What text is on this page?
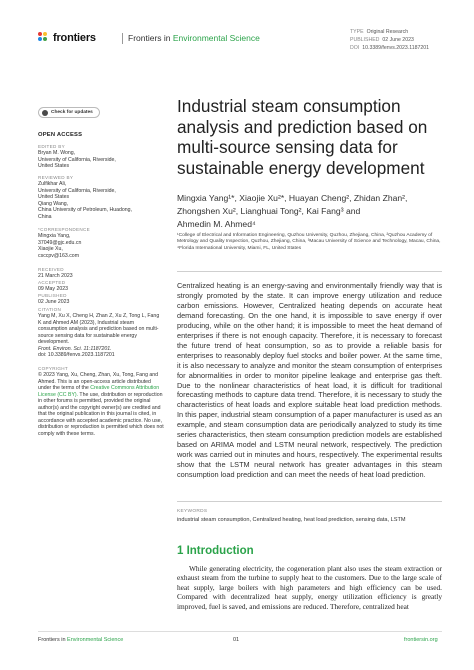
frontiers	Frontiers in Environmental Science
TYPE Original Research
PUBLISHED 02 June 2023
DOI 10.3389/fenvs.2023.1187201
Check for updates
OPEN ACCESS
EDITED BY
Bryan M. Wong,
University of California, Riverside,
United States
REVIEWED BY
Zulfikhar Ali,
University of California, Riverside,
United States
Qiang Wang,
China University of Petroleum, Huadong,
China
*CORRESPONDENCE
Mingxia Yang,
37049@gjc.edu.cn
Xiaojie Xu,
csccpv@163.com
RECEIVED
21 March 2023
ACCEPTED
09 May 2023
PUBLISHED
02 June 2023
CITATION
Yang M, Xu X, Cheng H, Zhan Z, Xu Z, Tong L, Fang K and Ahmed AM (2023), Industrial steam consumption analysis and prediction based on multi-source sensing data for sustainable energy development.
Front. Environ. Sci. 11:1187201.
doi: 10.3389/fenvs.2023.1187201
COPYRIGHT
© 2023 Yang, Xu, Cheng, Zhan, Xu, Tong, Fang and Ahmed. This is an open-access article distributed under the terms of the Creative Commons Attribution License (CC BY). The use, distribution or reproduction in other forums is permitted, provided the original author(s) and the copyright owner(s) are credited and that the original publication in this journal is cited, in accordance with accepted academic practice. No use, distribution or reproduction is permitted which does not comply with these terms.
Industrial steam consumption analysis and prediction based on multi-source sensing data for sustainable energy development
Mingxia Yang¹*, Xiaojie Xu²*, Huayan Cheng², Zhidan Zhan²,
Zhongshen Xu², Lianghuai Tong², Kai Fang³ and
Ahmedin M. Ahmed⁴
¹College of Electrical and Information Engineering, Quzhou University, Quzhou, Zhejiang, China, ²Quzhou Academy of Metrology and Quality Inspection, Quzhou, Zhejiang, China, ³Macau University of Science and Technology, Macau, China, ⁴Florida International University, Miami, FL, United States

Centralized heating is an energy-saving and environmentally friendly way that is strongly promoted by the state. It can improve energy utilization and reduce carbon emissions. However, Centralized heating depends on accurate heat demand forecasting. On the one hand, it is impossible to save energy if over producing, while on the other hand; it is impossible to meet the heat demand of enterprises if there is not enough capacity. Therefore, it is necessary to forecast the future trend of heat consumption, so as to provide a reliable basis for enterprises to reasonably deploy fuel stocks and boiler power. At the same time, it is also necessary to analyze and monitor the steam consumption of enterprises for abnormalities in order to monitor pipeline leakage and enterprise gas theft. Due to the nonlinear characteristics of heat load, it is difficult for traditional forecasting methods to capture data trend. Therefore, it is necessary to study the characteristics of heat loads and explore suitable heat load prediction methods. In this paper, industrial steam consumption of a paper manufacturer is used as an example, and steam consumption data are periodically analyzed to study its time series characteristics, then steam consumption prediction models are established based on ARIMA model and LSTM neural network, respectively. The prediction work was carried out in minutes and hours, respectively. The experimental results show that the LSTM neural network has greater advantages in this steam consumption load prediction and can meet the needs of heat load prediction.

KEYWORDS
industrial steam consumption, Centralized heating, heat load prediction, sensing data, LSTM
1 Introduction

While generating electricity, the cogeneration plant also uses the steam extraction or exhaust steam from the turbine to supply heat to the customers. Due to the large scale of heat supply, large boilers with high parameters and high efficiency can be used. Compared with decentralized heat supply, energy utilization efficiency is greatly improved, fuel is saved, and emissions are reduced. Therefore, centralized heat

Frontiers in Environmental Science	01	frontiersin.org
